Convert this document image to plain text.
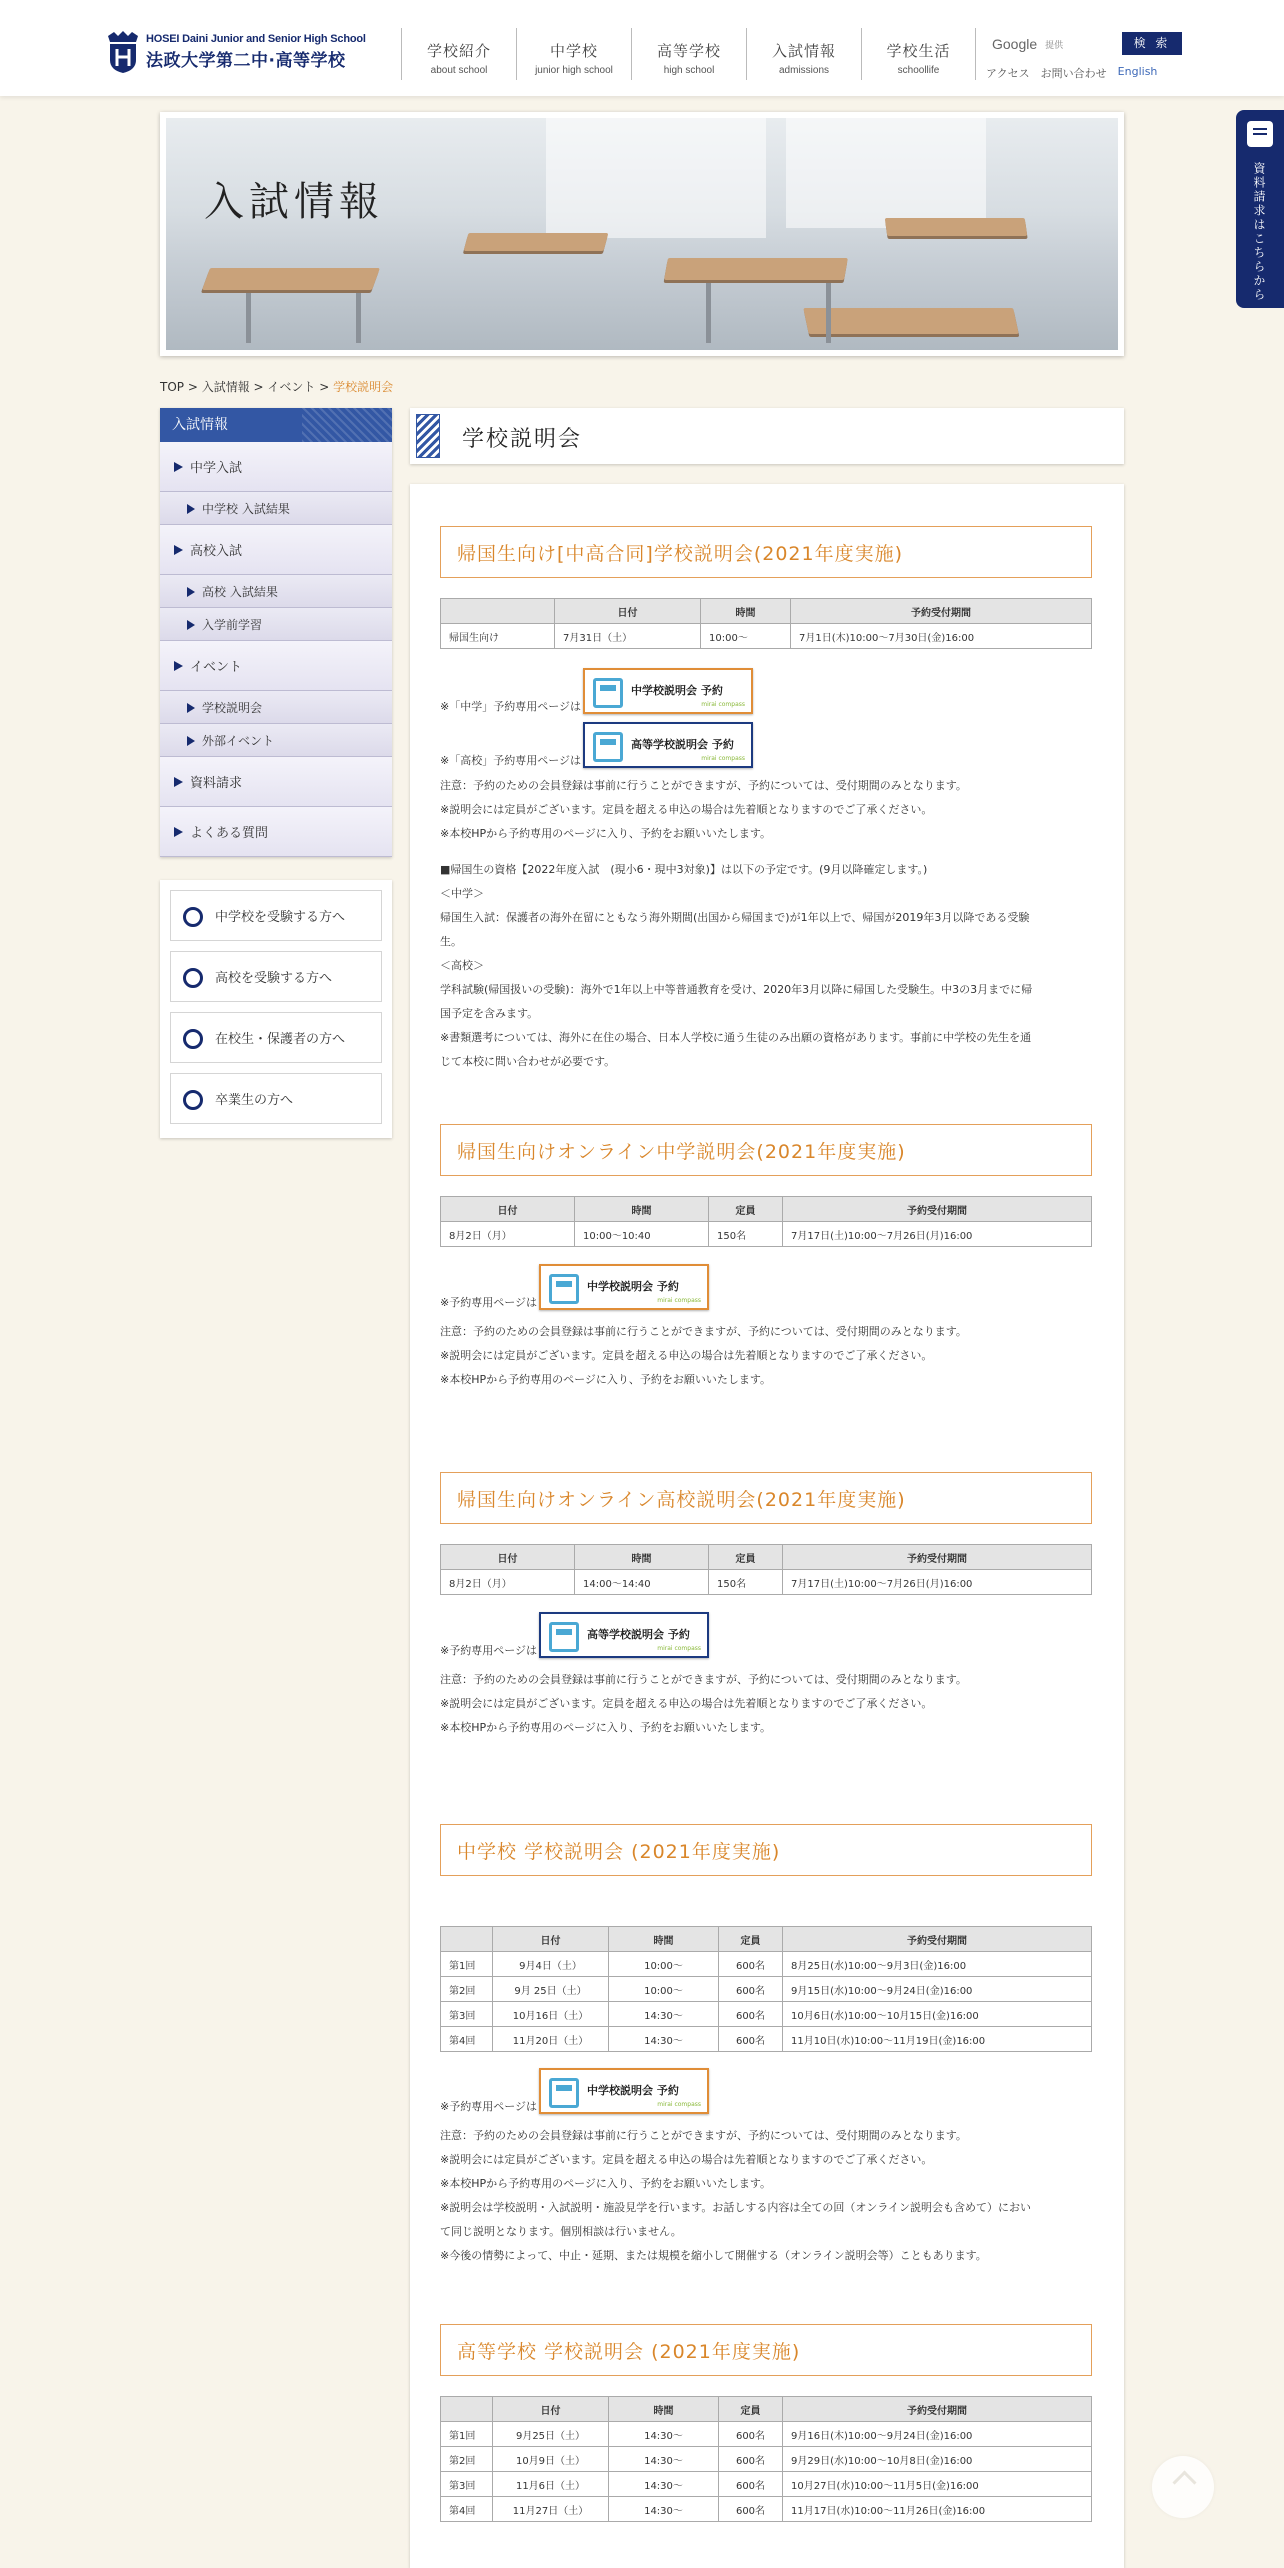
HOSEI Daini Junior and Senior High School
法政大学第二中·高等学校	学校紹介
about school
中学校
junior high school
高等学校
high school
入試情報
admissions
学校生活
schoollife
Google 提供	検 索
アクセス お問い合わせ English
資料請求はこちらから
入試情報
TOP > 入試情報 > イベント > 学校説明会
入試情報
中学入試
中学校 入試結果
高校入試
高校 入試結果
入学前学習
イベント
学校説明会
外部イベント
資料請求
よくある質問
中学校を受験する方へ
高校を受験する方へ
在校生・保護者の方へ
卒業生の方へ
学校説明会
帰国生向け[中高合同]学校説明会(2021年度実施)
	日付	時間	予約受付期間
帰国生向け	7月31日（土）	10:00～	7月1日(木)10:00～7月30日(金)16:00
※「中学」予約専用ページは
中学校説明会 予約
mirai compass
※「高校」予約専用ページは
高等学校説明会 予約
mirai compass
注意：予約のための会員登録は事前に行うことができますが、予約については、受付期間のみとなります。
※説明会には定員がございます。定員を超える申込の場合は先着順となりますのでご了承ください。
※本校HPから予約専用のページに入り、予約をお願いいたします。
■帰国生の資格【2022年度入試　(現小6・現中3対象)】は以下の予定です。(9月以降確定します。)
＜中学＞
帰国生入試：保護者の海外在留にともなう海外期間(出国から帰国まで)が1年以上で、帰国が2019年3月以降である受験
生。
＜高校＞
学科試験(帰国扱いの受験)：海外で1年以上中等普通教育を受け、2020年3月以降に帰国した受験生。中3の3月までに帰
国予定を含みます。
※書類選考については、海外に在住の場合、日本人学校に通う生徒のみ出願の資格があります。事前に中学校の先生を通
じて本校に問い合わせが必要です。
帰国生向けオンライン中学説明会(2021年度実施)
日付	時間	定員	予約受付期間
8月2日（月）	10:00～10:40	150名	7月17日(土)10:00～7月26日(月)16:00
※予約専用ページは
中学校説明会 予約
mirai compass
注意：予約のための会員登録は事前に行うことができますが、予約については、受付期間のみとなります。
※説明会には定員がございます。定員を超える申込の場合は先着順となりますのでご了承ください。
※本校HPから予約専用のページに入り、予約をお願いいたします。
帰国生向けオンライン高校説明会(2021年度実施)
日付	時間	定員	予約受付期間
8月2日（月）	14:00～14:40	150名	7月17日(土)10:00～7月26日(月)16:00
※予約専用ページは
高等学校説明会 予約
mirai compass
注意：予約のための会員登録は事前に行うことができますが、予約については、受付期間のみとなります。
※説明会には定員がございます。定員を超える申込の場合は先着順となりますのでご了承ください。
※本校HPから予約専用のページに入り、予約をお願いいたします。
中学校 学校説明会 (2021年度実施)
	日付	時間	定員	予約受付期間
第1回	9月4日（土）	10:00～	600名	8月25日(水)10:00～9月3日(金)16:00
第2回	9月 25日（土）	10:00～	600名	9月15日(水)10:00～9月24日(金)16:00
第3回	10月16日（土）	14:30～	600名	10月6日(水)10:00～10月15日(金)16:00
第4回	11月20日（土）	14:30～	600名	11月10日(水)10:00～11月19日(金)16:00
※予約専用ページは
中学校説明会 予約
mirai compass
注意：予約のための会員登録は事前に行うことができますが、予約については、受付期間のみとなります。
※説明会には定員がございます。定員を超える申込の場合は先着順となりますのでご了承ください。
※本校HPから予約専用のページに入り、予約をお願いいたします。
※説明会は学校説明・入試説明・施設見学を行います。お話しする内容は全ての回（オンライン説明会も含めて）におい
て同じ説明となります。個別相談は行いません。
※今後の情勢によって、中止・延期、または規模を縮小して開催する（オンライン説明会等）こともあります。
高等学校 学校説明会 (2021年度実施)
	日付	時間	定員	予約受付期間
第1回	9月25日（土）	14:30～	600名	9月16日(木)10:00～9月24日(金)16:00
第2回	10月9日（土）	14:30～	600名	9月29日(水)10:00～10月8日(金)16:00
第3回	11月6日（土）	14:30～	600名	10月27日(水)10:00～11月5日(金)16:00
第4回	11月27日（土）	14:30～	600名	11月17日(水)10:00～11月26日(金)16:00
